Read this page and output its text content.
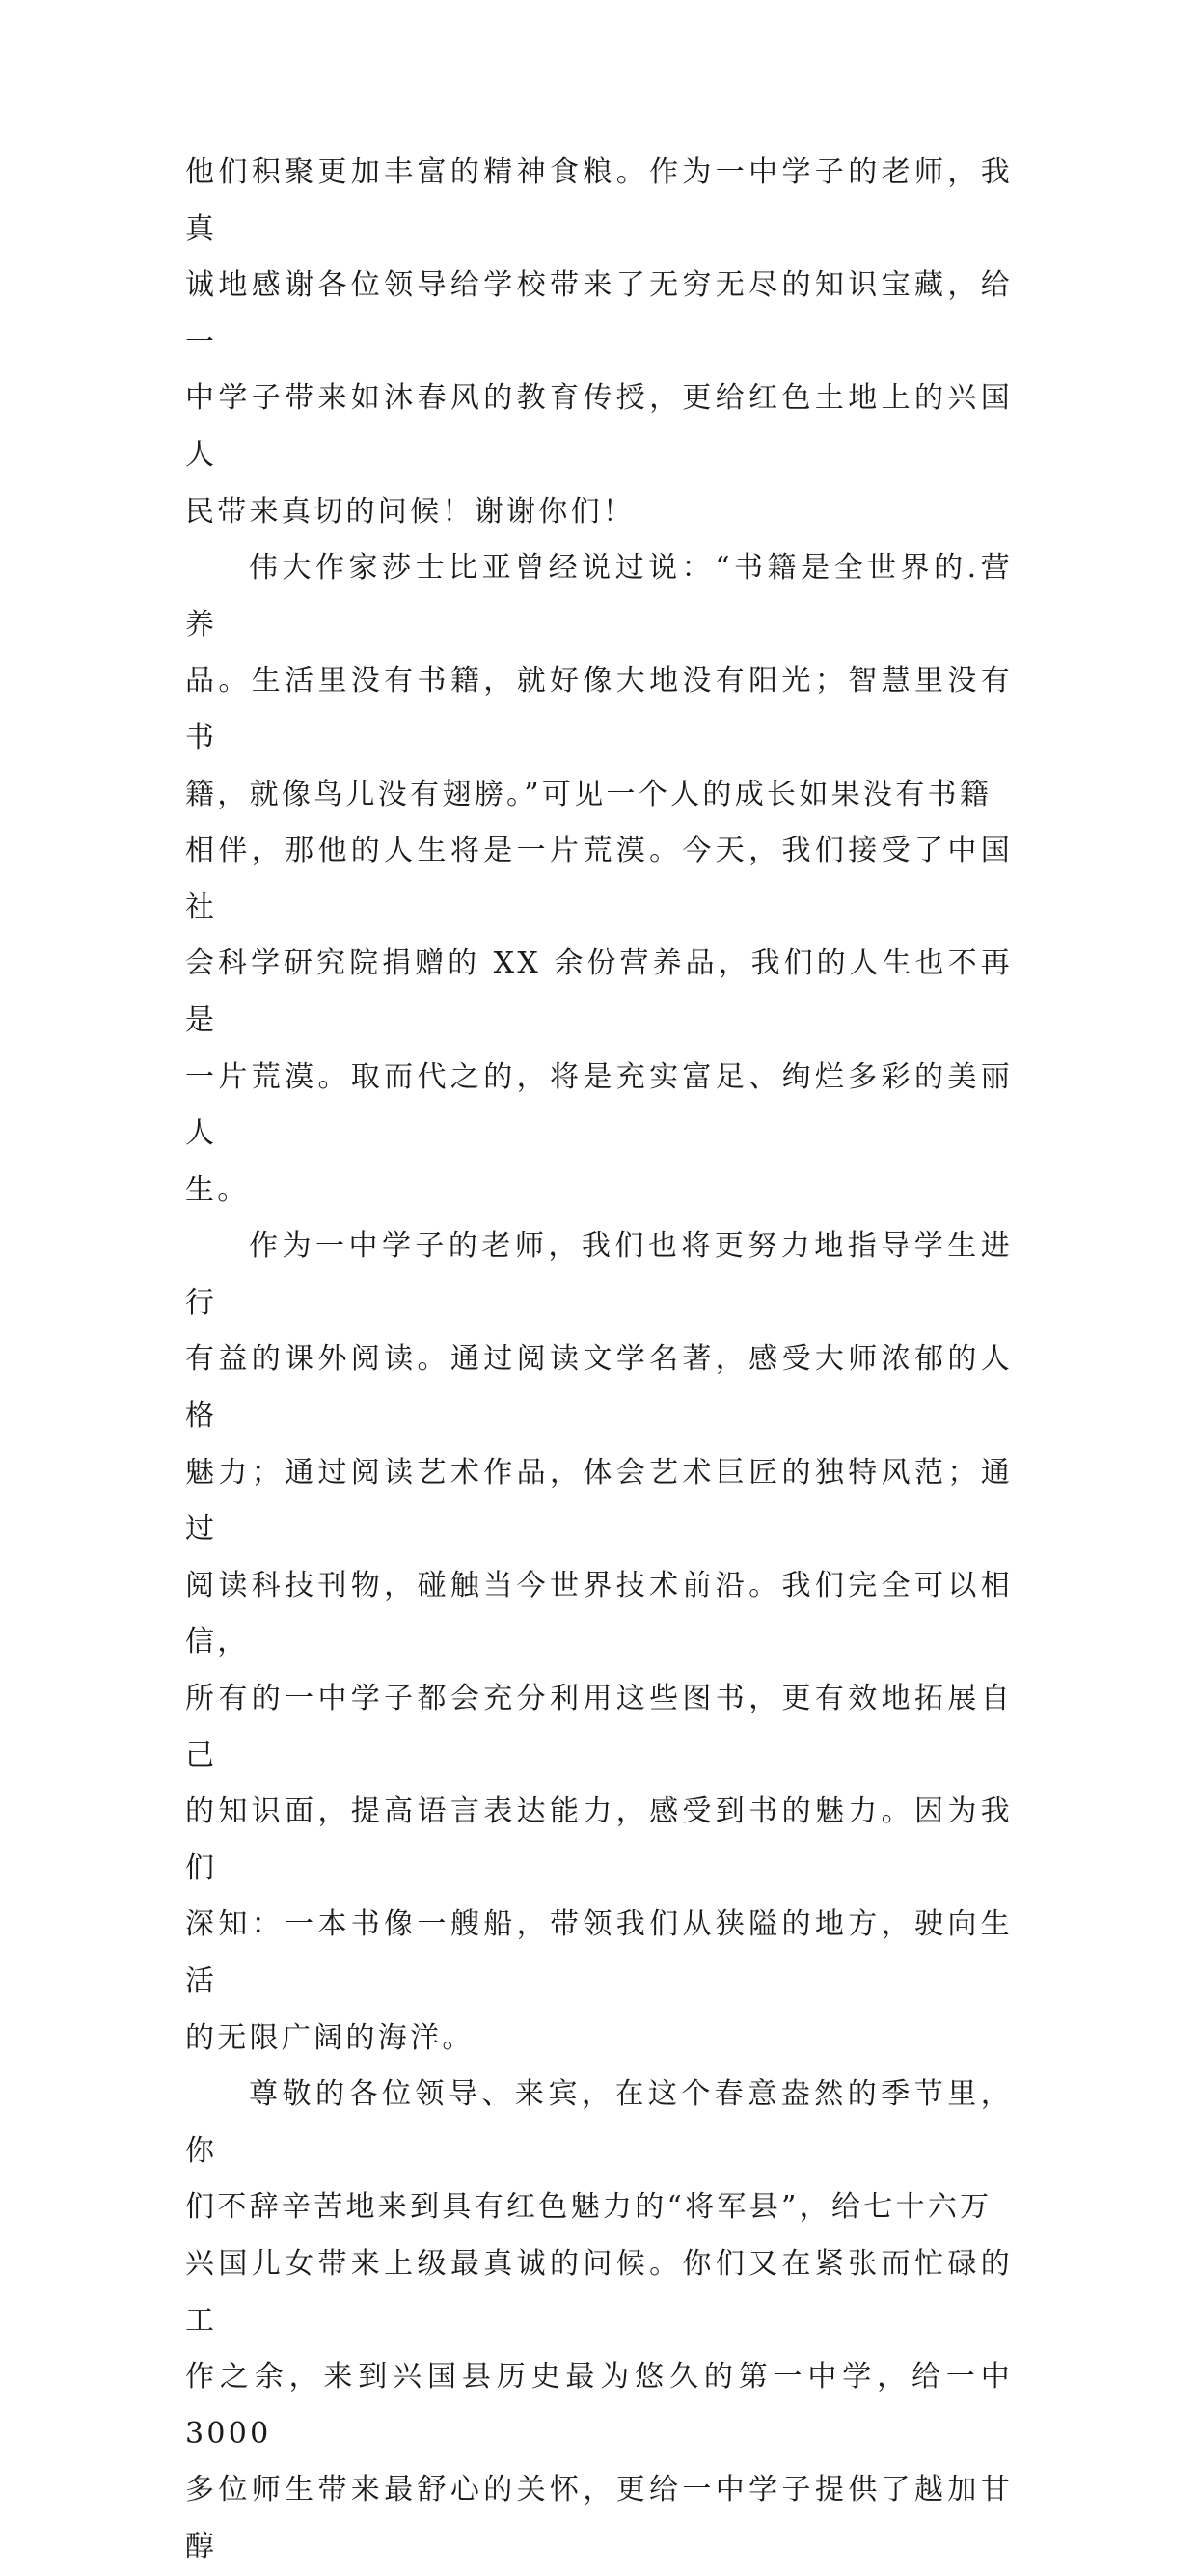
他们积聚更加丰富的精神食粮。作为一中学子的老师，我真
诚地感谢各位领导给学校带来了无穷无尽的知识宝藏，给一
中学子带来如沐春风的教育传授，更给红色土地上的兴国人
民带来真切的问候！谢谢你们！

伟大作家莎士比亚曾经说过说：“书籍是全世界的.营养
品。生活里没有书籍，就好像大地没有阳光；智慧里没有书
籍，就像鸟儿没有翅膀。”可见一个人的成长如果没有书籍
相伴，那他的人生将是一片荒漠。今天，我们接受了中国社
会科学研究院捐赠的 XX 余份营养品，我们的人生也不再是
一片荒漠。取而代之的，将是充实富足、绚烂多彩的美丽人
生。

作为一中学子的老师，我们也将更努力地指导学生进行
有益的课外阅读。通过阅读文学名著，感受大师浓郁的人格
魅力；通过阅读艺术作品，体会艺术巨匠的独特风范；通过
阅读科技刊物，碰触当今世界技术前沿。我们完全可以相信，
所有的一中学子都会充分利用这些图书，更有效地拓展自己
的知识面，提高语言表达能力，感受到书的魅力。因为我们
深知：一本书像一艘船，带领我们从狭隘的地方，驶向生活
的无限广阔的海洋。

尊敬的各位领导、来宾，在这个春意盎然的季节里，你
们不辞辛苦地来到具有红色魅力的“将军县”，给七十六万
兴国儿女带来上级最真诚的问候。你们又在紧张而忙碌的工
作之余，来到兴国县历史最为悠久的第一中学，给一中 3000
多位师生带来最舒心的关怀，更给一中学子提供了越加甘醇
